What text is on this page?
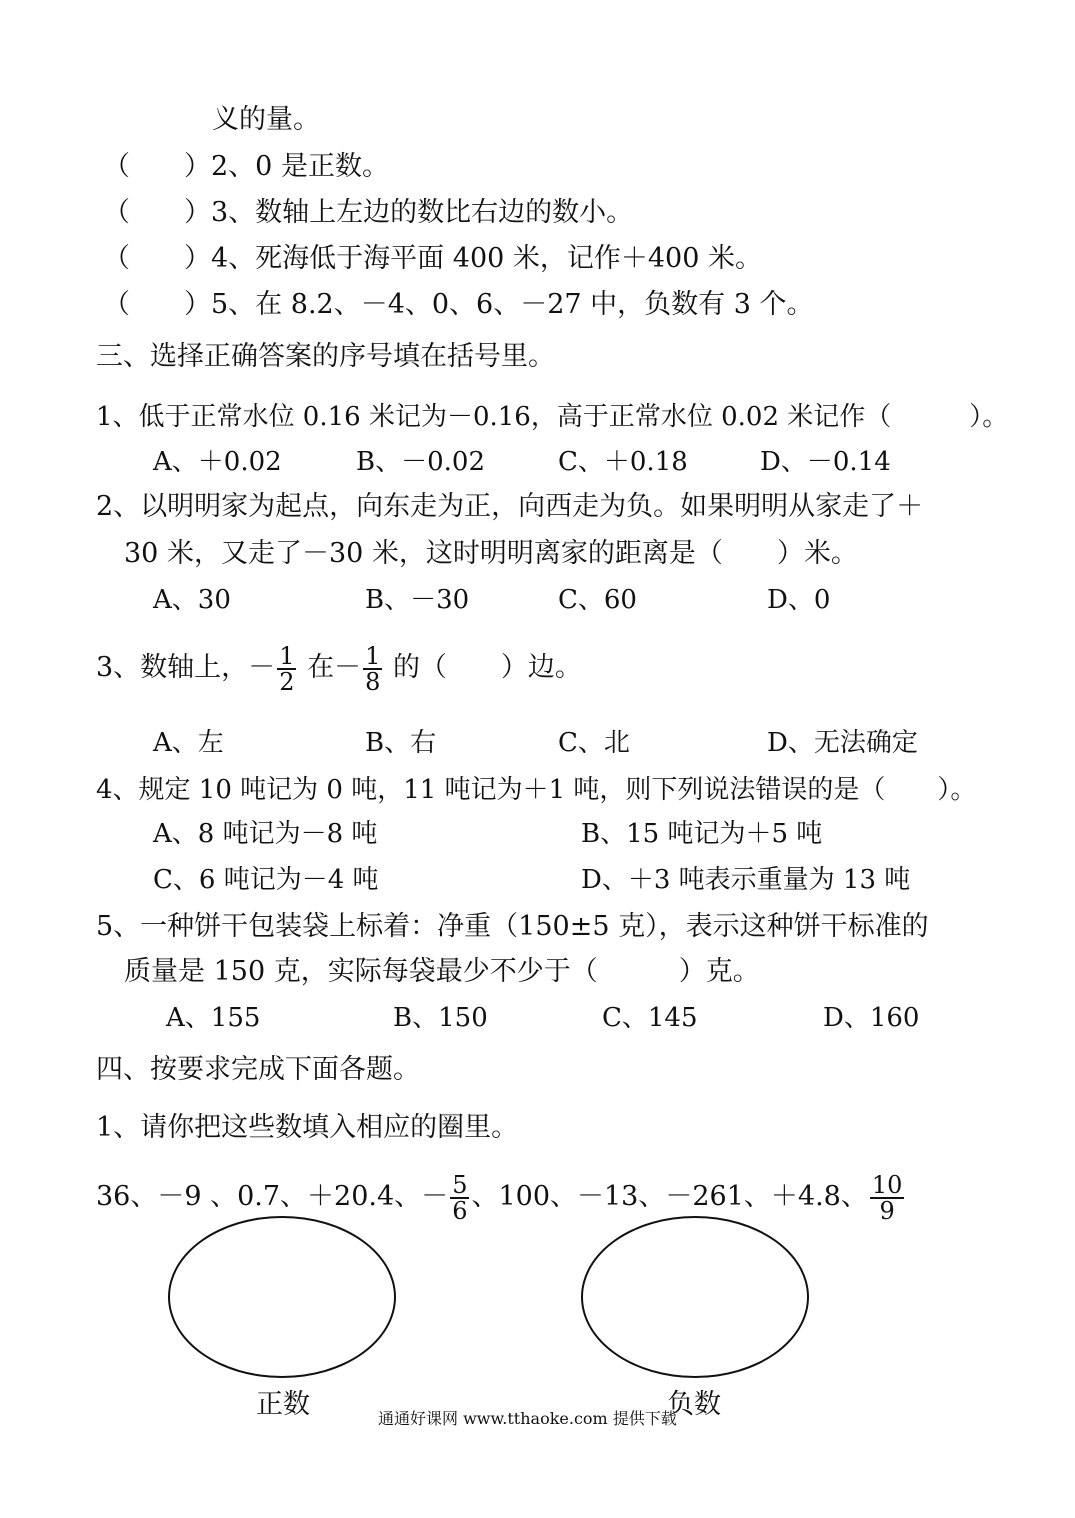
义的量。
（　　）2、0 是正数。
（　　）3、数轴上左边的数比右边的数小。
（　　）4、死海低于海平面 400 米，记作＋400 米。
（　　）5、在 8.2、－4、0、6、－27 中，负数有 3 个。
三、选择正确答案的序号填在括号里。
1、低于正常水位 0.16 米记为－0.16，高于正常水位 0.02 米记作（　　　）。
A、＋0.02	B、－0.02	C、＋0.18	D、－0.14
2、以明明家为起点，向东走为正，向西走为负。如果明明从家走了＋
30 米，又走了－30 米，这时明明离家的距离是（　　）米。
A、30	B、－30	C、60	D、0
3、数轴上，－ $\frac{1}{2}$ 在－ $\frac{1}{8}$ 的（　　）边。
A、左	B、右	C、北	D、无法确定
4、规定 10 吨记为 0 吨，11 吨记为＋1 吨，则下列说法错误的是（　　）。
A、8 吨记为－8 吨	B、15 吨记为＋5 吨
C、6 吨记为－4 吨	D、＋3 吨表示重量为 13 吨
5、一种饼干包装袋上标着：净重（150±5 克），表示这种饼干标准的
质量是 150 克，实际每袋最少不少于（　　　）克。
A、155	B、150	C、145	D、160
四、按要求完成下面各题。
1、请你把这些数填入相应的圈里。
36、－9 、0.7、＋20.4、－ $\frac{5}{6}$ 、100、－13、－261、＋4.8、 $\frac{10}{9}$
正数	负数
通通好课网 www.tthaoke.com 提供下载
